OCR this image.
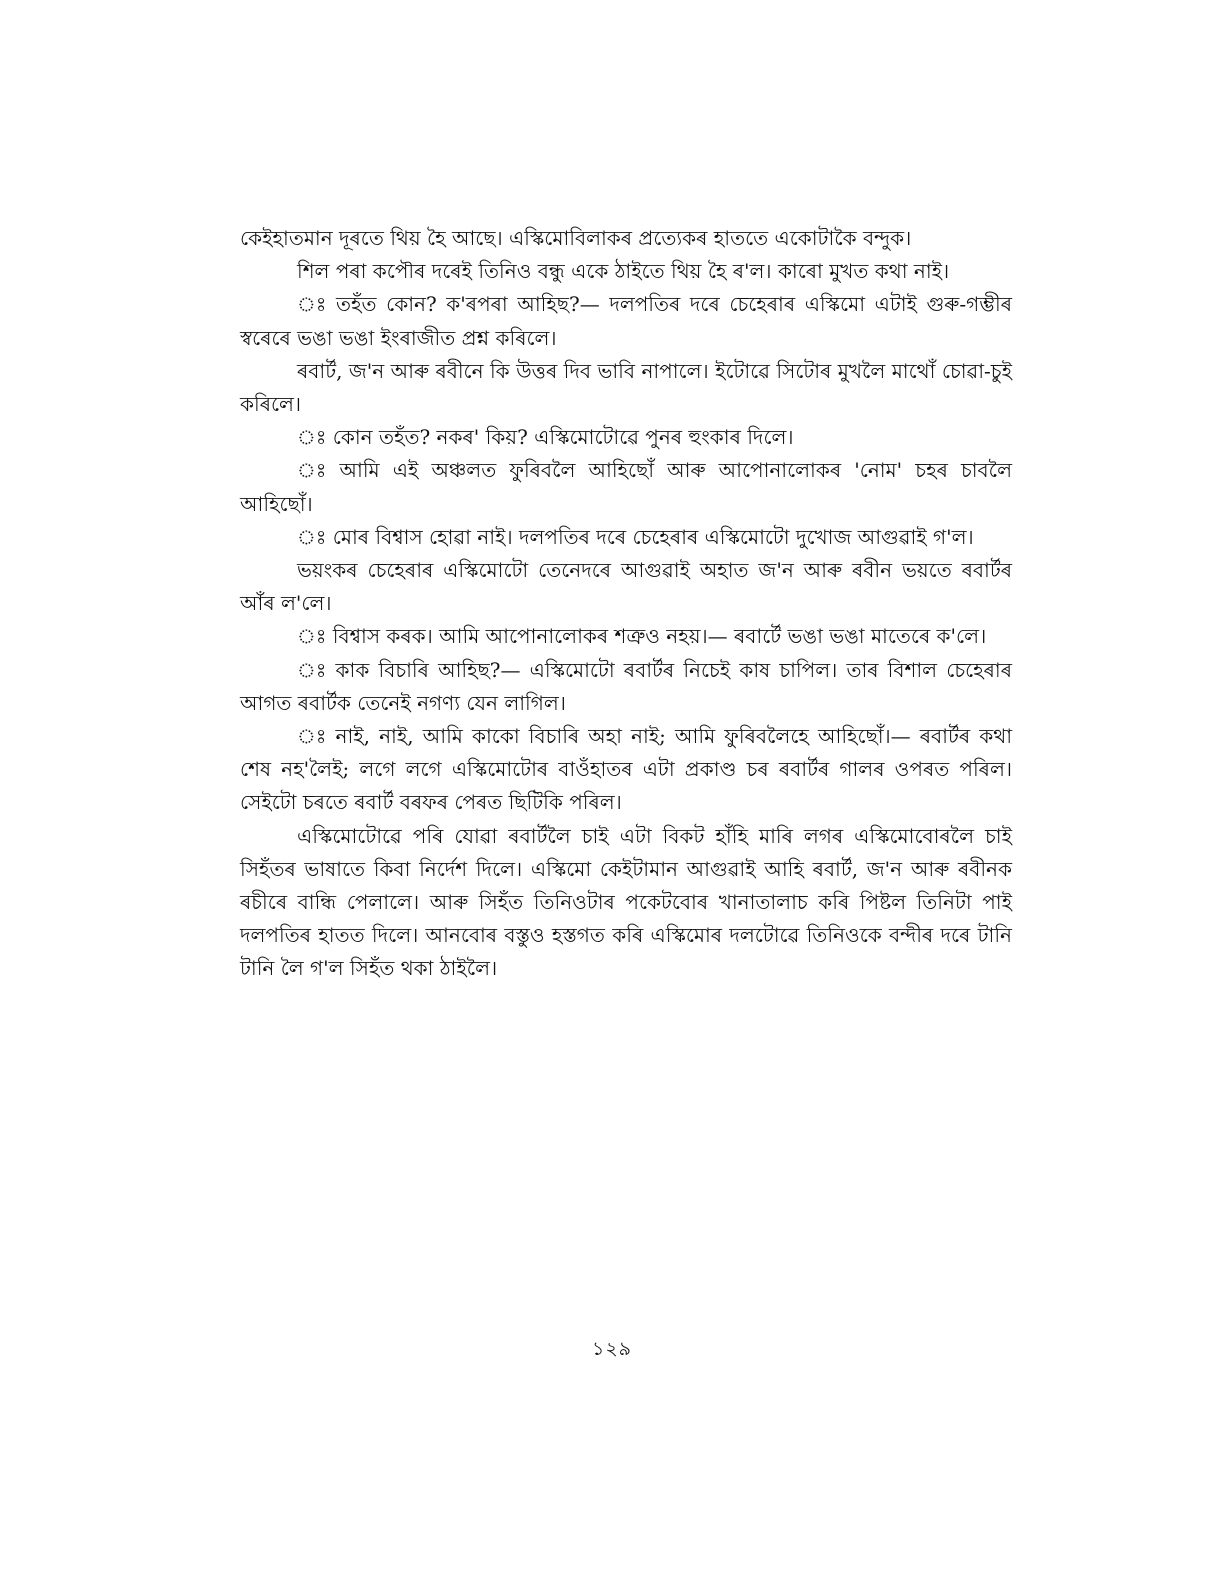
কেইহাতমান দূৰতে থিয় হৈ আছে। এস্কিমোবিলাকৰ প্ৰত্যেকৰ হাততে একোটাকৈ বন্দুক।

শিল পৰা কপৌৰ দৰেই তিনিও বন্ধু একে ঠাইতে থিয় হৈ ৰ'ল। কাৰো মুখত কথা নাই।

ঃ তহঁত কোন? ক'ৰপৰা আহিছ?— দলপতিৰ দৰে চেহেৰাৰ এস্কিমো এটাই গুৰু-গম্ভীৰ স্বৰেৰে ভঙা ভঙা ইংৰাজীত প্ৰশ্ন কৰিলে।

ৰবাৰ্ট, জ'ন আৰু ৰবীনে কি উত্তৰ দিব ভাবি নাপালে। ইটোৱে সিটোৰ মুখলৈ মাথোঁ চোৱা-চুই কৰিলে।

ঃ কোন তহঁত? নকৰ' কিয়? এস্কিমোটোৱে পুনৰ হুংকাৰ দিলে।

ঃ আমি এই অঞ্চলত ফুৰিবলৈ আহিছোঁ আৰু আপোনালোকৰ 'নোম' চহৰ চাবলৈ আহিছোঁ।

ঃ মোৰ বিশ্বাস হোৱা নাই। দলপতিৰ দৰে চেহেৰাৰ এস্কিমোটো দুখোজ আগুৱাই গ'ল।

ভয়ংকৰ চেহেৰাৰ এস্কিমোটো তেনেদৰে আগুৱাই অহাত জ'ন আৰু ৰবীন ভয়তে ৰবাৰ্টৰ আঁৰ ল'লে।

ঃ বিশ্বাস কৰক। আমি আপোনালোকৰ শত্ৰুও নহয়।— ৰবাৰ্টে ভঙা ভঙা মাতেৰে ক'লে।

ঃ কাক বিচাৰি আহিছ?— এস্কিমোটো ৰবাৰ্টৰ নিচেই কাষ চাপিল। তাৰ বিশাল চেহেৰাৰ আগত ৰবাৰ্টক তেনেই নগণ্য যেন লাগিল।

ঃ নাই, নাই, আমি কাকো বিচাৰি অহা নাই; আমি ফুৰিবলৈহে আহিছোঁ।— ৰবাৰ্টৰ কথা শেষ নহ'লৈই; লগে লগে এস্কিমোটোৰ বাওঁহাতৰ এটা প্ৰকাণ্ড চৰ ৰবাৰ্টৰ গালৰ ওপৰত পৰিল। সেইটো চৰতে ৰবাৰ্ট বৰফৰ পেৰত ছিটিকি পৰিল।

এস্কিমোটোৱে পৰি যোৱা ৰবাৰ্টলৈ চাই এটা বিকট হাঁহি মাৰি লগৰ এস্কিমোবোৰলৈ চাই সিহঁতৰ ভাষাতে কিবা নিৰ্দেশ দিলে। এস্কিমো কেইটামান আগুৱাই আহি ৰবাৰ্ট, জ'ন আৰু ৰবীনক ৰচীৰে বান্ধি পেলালে। আৰু সিহঁত তিনিওটাৰ পকেটবোৰ খানাতালাচ কৰি পিষ্টল তিনিটা পাই দলপতিৰ হাতত দিলে। আনবোৰ বস্তুও হস্তগত কৰি এস্কিমোৰ দলটোৱে তিনিওকে বন্দীৰ দৰে টানি টানি লৈ গ'ল সিহঁত থকা ঠাইলৈ।

১২৯
